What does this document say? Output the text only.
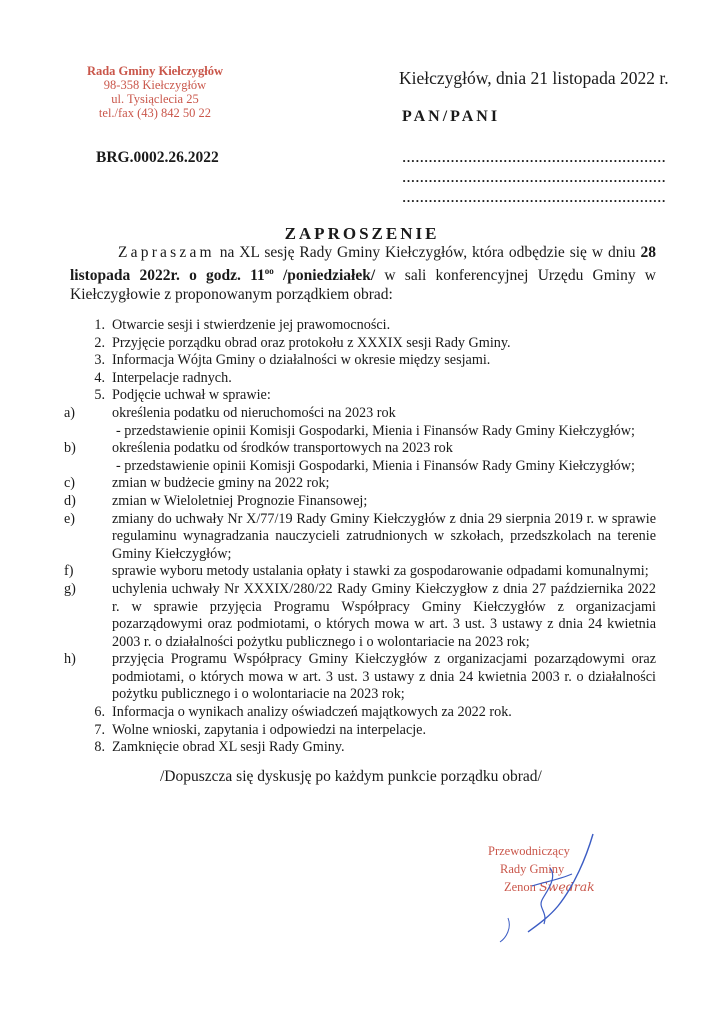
Rada Gminy Kiełczygłów
98-358 Kiełczygłów
ul. Tysiąclecia 25
tel./fax (43) 842 50 22
Kiełczygłów, dnia 21 listopada 2022 r.
PAN/PANI
BRG.0002.26.2022	……………………………………………………
……………………………………………………
……………………………………………………
ZAPROSZENIE
Zapraszam na XL sesję Rady Gminy Kiełczygłów, która odbędzie się w dniu 28 listopada 2022r. o godz. $11^{oo}$ /poniedziałek/ w sali konferencyjnej Urzędu Gminy w Kiełczygłowie z proponowanym porządkiem obrad:
1. Otwarcie sesji i stwierdzenie jej prawomocności.
2. Przyjęcie porządku obrad oraz protokołu z XXXIX sesji Rady Gminy.
3. Informacja Wójta Gminy o działalności w okresie między sesjami.
4. Interpelacje radnych.
5. Podjęcie uchwał w sprawie:
a)	określenia podatku od nieruchomości na 2023 rok
- przedstawienie opinii Komisji Gospodarki, Mienia i Finansów Rady Gminy Kiełczygłów;
b)	określenia podatku od środków transportowych na 2023 rok
- przedstawienie opinii Komisji Gospodarki, Mienia i Finansów Rady Gminy Kiełczygłów;
c)	zmian w budżecie gminy na 2022 rok;
d)	zmian w Wieloletniej Prognozie Finansowej;
e)	zmiany do uchwały Nr X/77/19 Rady Gminy Kiełczygłów z dnia 29 sierpnia 2019 r. w sprawie regulaminu wynagradzania nauczycieli zatrudnionych w szkołach, przedszkolach na terenie Gminy Kiełczygłów;
f)	sprawie wyboru metody ustalania opłaty i stawki za gospodarowanie odpadami komunalnymi;
g)	uchylenia uchwały Nr XXXIX/280/22 Rady Gminy Kiełczygłow z dnia 27 października 2022 r. w sprawie przyjęcia Programu Współpracy Gminy Kiełczygłów z organizacjami pozarządowymi oraz podmiotami, o których mowa w art. 3 ust. 3 ustawy z dnia 24 kwietnia 2003 r. o działalności pożytku publicznego i o wolontariacie na 2023 rok;
h)	przyjęcia Programu Współpracy Gminy Kiełczygłów z organizacjami pozarządowymi oraz podmiotami, o których mowa w art. 3 ust. 3 ustawy z dnia 24 kwietnia 2003 r. o działalności pożytku publicznego i o wolontariacie na 2023 rok;
6. Informacja o wynikach analizy oświadczeń majątkowych za 2022 rok.
7. Wolne wnioski, zapytania i odpowiedzi na interpelacje.
8. Zamknięcie obrad XL sesji Rady Gminy.
/Dopuszcza się dyskusję po każdym punkcie porządku obrad/
Przewodniczący
Rady Gminy
Zenon Swędrak
